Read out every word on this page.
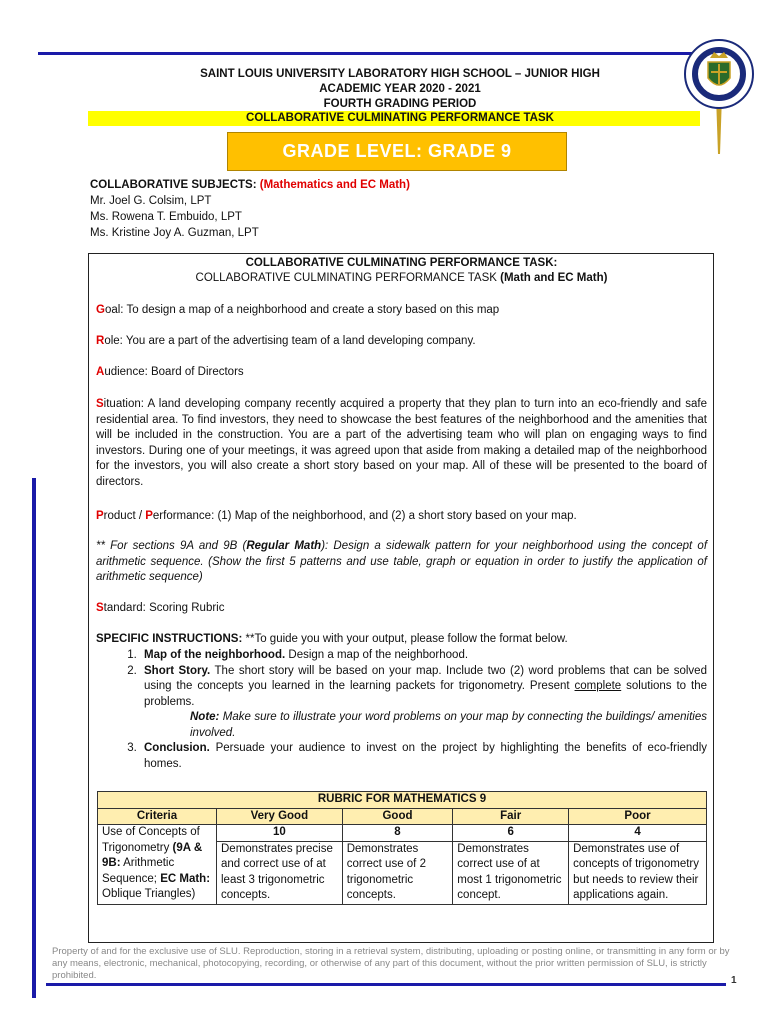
SAINT LOUIS UNIVERSITY LABORATORY HIGH SCHOOL – JUNIOR HIGH
ACADEMIC YEAR 2020 - 2021
FOURTH GRADING PERIOD
COLLABORATIVE CULMINATING PERFORMANCE TASK
GRADE LEVEL: GRADE 9
COLLABORATIVE SUBJECTS: (Mathematics and EC Math)
Mr. Joel G. Colsim, LPT
Ms. Rowena T. Embuido, LPT
Ms. Kristine Joy A. Guzman, LPT
COLLABORATIVE CULMINATING PERFORMANCE TASK:
COLLABORATIVE CULMINATING PERFORMANCE TASK (Math and EC Math)
Goal: To design a map of a neighborhood and create a story based on this map
Role: You are a part of the advertising team of a land developing company.
Audience: Board of Directors
Situation: A land developing company recently acquired a property that they plan to turn into an eco-friendly and safe residential area. To find investors, they need to showcase the best features of the neighborhood and the amenities that will be included in the construction. You are a part of the advertising team who will plan on engaging ways to find investors. During one of your meetings, it was agreed upon that aside from making a detailed map of the neighborhood for the investors, you will also create a short story based on your map. All of these will be presented to the board of directors.
Product / Performance: (1) Map of the neighborhood, and (2) a short story based on your map.
** For sections 9A and 9B (Regular Math): Design a sidewalk pattern for your neighborhood using the concept of arithmetic sequence. (Show the first 5 patterns and use table, graph or equation in order to justify the application of arithmetic sequence)
Standard: Scoring Rubric
SPECIFIC INSTRUCTIONS: **To guide you with your output, please follow the format below.
1. Map of the neighborhood. Design a map of the neighborhood.
2. Short Story. The short story will be based on your map. Include two (2) word problems that can be solved using the concepts you learned in the learning packets for trigonometry. Present complete solutions to the problems.
Note: Make sure to illustrate your word problems on your map by connecting the buildings/ amenities involved.
3. Conclusion. Persuade your audience to invest on the project by highlighting the benefits of eco-friendly homes.
RUBRIC FOR MATHEMATICS 9				
Criteria	Very Good	Good	Fair	Poor
Use of Concepts of Trigonometry (9A & 9B: Arithmetic Sequence; EC Math: Oblique Triangles)	10	8	6	4
	Demonstrates precise and correct use of at least 3 trigonometric concepts.	Demonstrates correct use of 2 trigonometric concepts.	Demonstrates correct use of at most 1 trigonometric concept.	Demonstrates use of concepts of trigonometry but needs to review their applications again.
Property of and for the exclusive use of SLU. Reproduction, storing in a retrieval system, distributing, uploading or posting online, or transmitting in any form or by any means, electronic, mechanical, photocopying, recording, or otherwise of any part of this document, without the prior written permission of SLU, is strictly prohibited.	1
